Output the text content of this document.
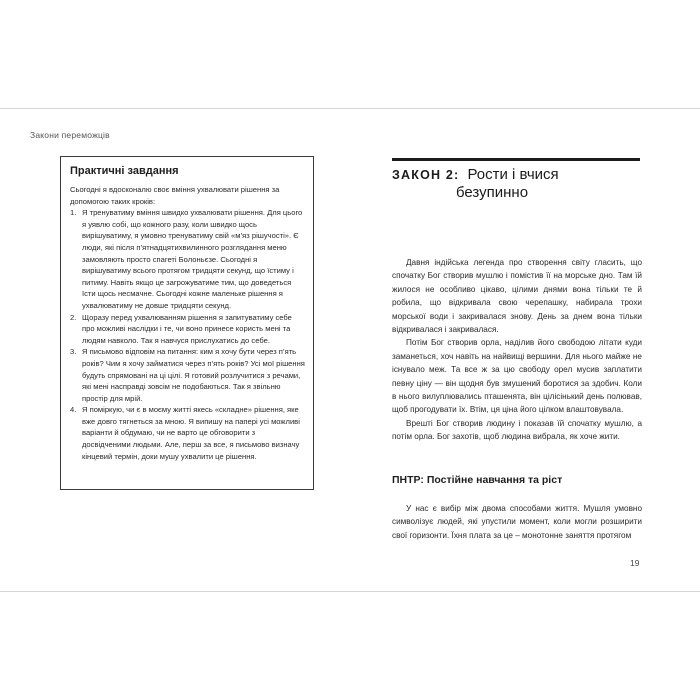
Закони переможців
Практичні завдання

Сьогодні я вдосконалю своє вміння ухвалювати рішення за допомогою таких кроків:

1. Я тренуватиму вміння швидко ухвалювати рішення. Для цього я уявлю собі, що кожного разу, коли швидко щось вирішуватиму, я умовно тренуватиму свій «м’яз рішучості». Є люди, які після п’ятнадцятихвилинного розглядання меню замовляють просто спагеті Болоньєзе. Сьогодні я вирішуватиму всього протягом тридцяти секунд, що їстиму і питиму. Навіть якщо це загрожуватиме тим, що доведеться їсти щось несмачне. Сьогодні кожне маленьке рішення я ухвалюватиму не довше тридцяти секунд.
2. Щоразу перед ухвалюванням рішення я запитуватиму себе про можливі наслідки і те, чи воно принесе користь мені та людям навколо. Так я навчуся прислухатись до себе.
3. Я письмово відповім на питання: ким я хочу бути через п’ять років? Чим я хочу займатися через п’ять років? Усі мої рішення будуть спрямовані на ці цілі. Я готовий розлучитися з речами, які мені насправді зовсім не подобаються. Так я звільню простір для мрій.
4. Я поміркую, чи є в моєму житті якесь «складне» рішення, яке вже довго тягнеться за мною. Я випишу на папері усі можливі варіанти й обдумаю, чи не варто це обговорити з досвідченими людьми. Але, перш за все, я письмово визначу кінцевий термін, доки мушу ухвалити це рішення.
ЗАКОН 2: Рости і вчися
безупинно

Давня індійська легенда про створення світу гласить, що спочатку Бог створив мушлю і помістив її на морське дно. Там їй жилося не особливо цікаво, цілими днями вона тільки те й робила, що відкривала свою черепашку, набирала трохи морської води і закривалася знову. День за днем вона тільки відкривалася і закривалася.

Потім Бог створив орла, наділив його свободою літати куди заманеться, хоч навіть на найвищі вершини. Для нього майже не існувало меж. Та все ж за цю свободу орел мусив заплатити певну ціну — він щодня був змушений боротися за здобич. Коли в нього вилуплювались пташенята, він цілісінький день полював, щоб прогодувати їх. Втім, ця ціна його цілком влаштовувала.

Врешті Бог створив людину і показав їй спочатку мушлю, а потім орла. Бог захотів, щоб людина вибрала, як хоче жити.

ПНТР: Постійне навчання та ріст

У нас є вибір між двома способами життя. Мушля умовно символізує людей, які упустили момент, коли могли розширити свої горизонти. Їхня плата за це – монотонне заняття протягом

19
